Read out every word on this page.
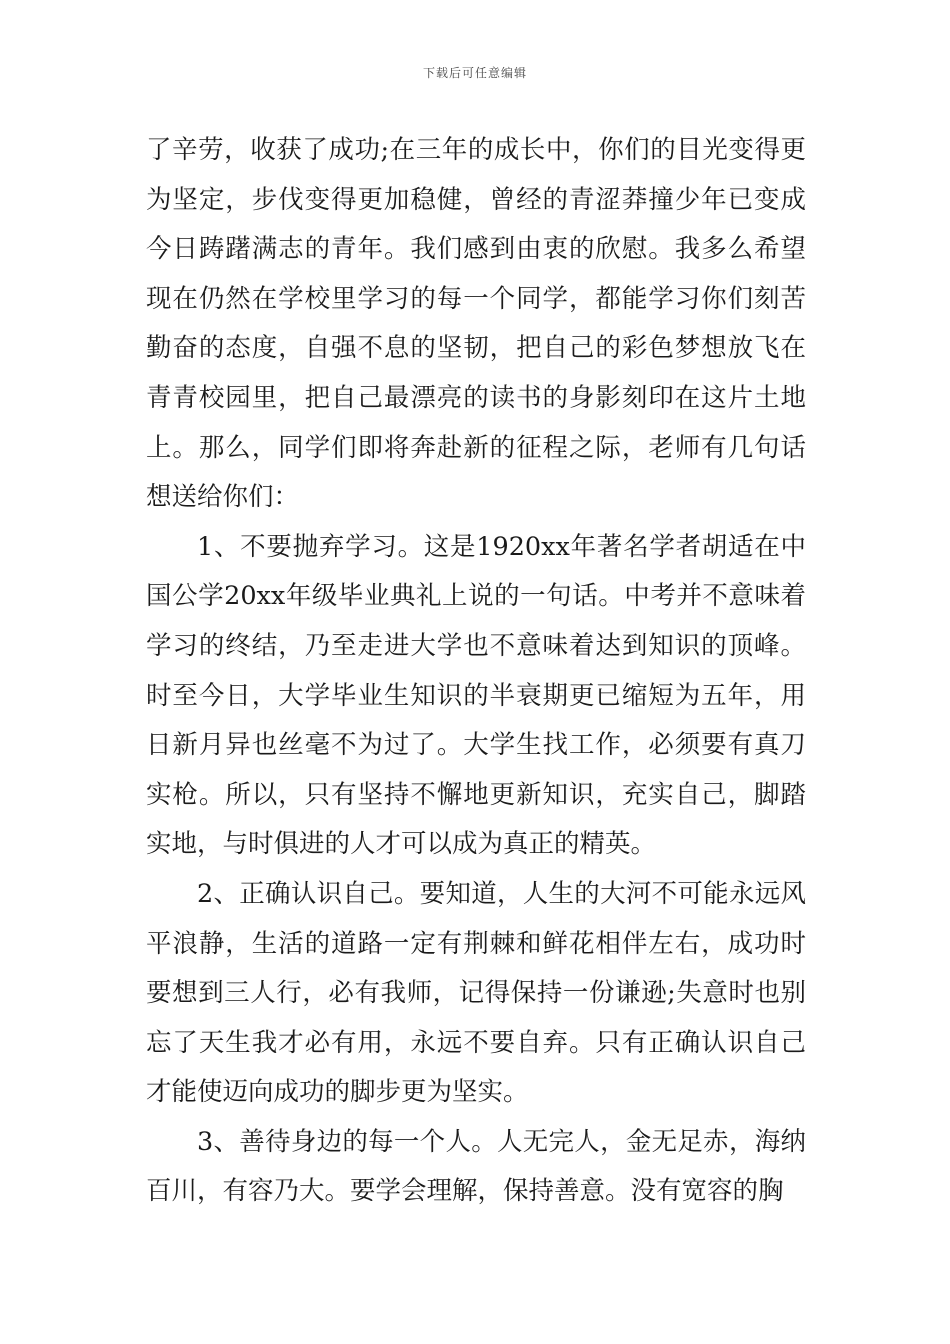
下载后可任意编辑

了辛劳，收获了成功;在三年的成长中，你们的目光变得更为坚定，步伐变得更加稳健，曾经的青涩莽撞少年已变成今日踌躇满志的青年。我们感到由衷的欣慰。我多么希望现在仍然在学校里学习的每一个同学，都能学习你们刻苦勤奋的态度，自强不息的坚韧，把自己的彩色梦想放飞在青青校园里，把自己最漂亮的读书的身影刻印在这片土地上。那么，同学们即将奔赴新的征程之际，老师有几句话想送给你们：

1、不要抛弃学习。这是1920xx年著名学者胡适在中国公学20xx年级毕业典礼上说的一句话。中考并不意味着学习的终结，乃至走进大学也不意味着达到知识的顶峰。时至今日，大学毕业生知识的半衰期更已缩短为五年，用日新月异也丝毫不为过了。大学生找工作，必须要有真刀实枪。所以，只有坚持不懈地更新知识，充实自己，脚踏实地，与时俱进的人才可以成为真正的精英。

2、正确认识自己。要知道，人生的大河不可能永远风平浪静，生活的道路一定有荆棘和鲜花相伴左右，成功时要想到三人行，必有我师，记得保持一份谦逊;失意时也别忘了天生我才必有用，永远不要自弃。只有正确认识自己才能使迈向成功的脚步更为坚实。

3、善待身边的每一个人。人无完人，金无足赤，海纳百川，有容乃大。要学会理解，保持善意。没有宽容的胸
